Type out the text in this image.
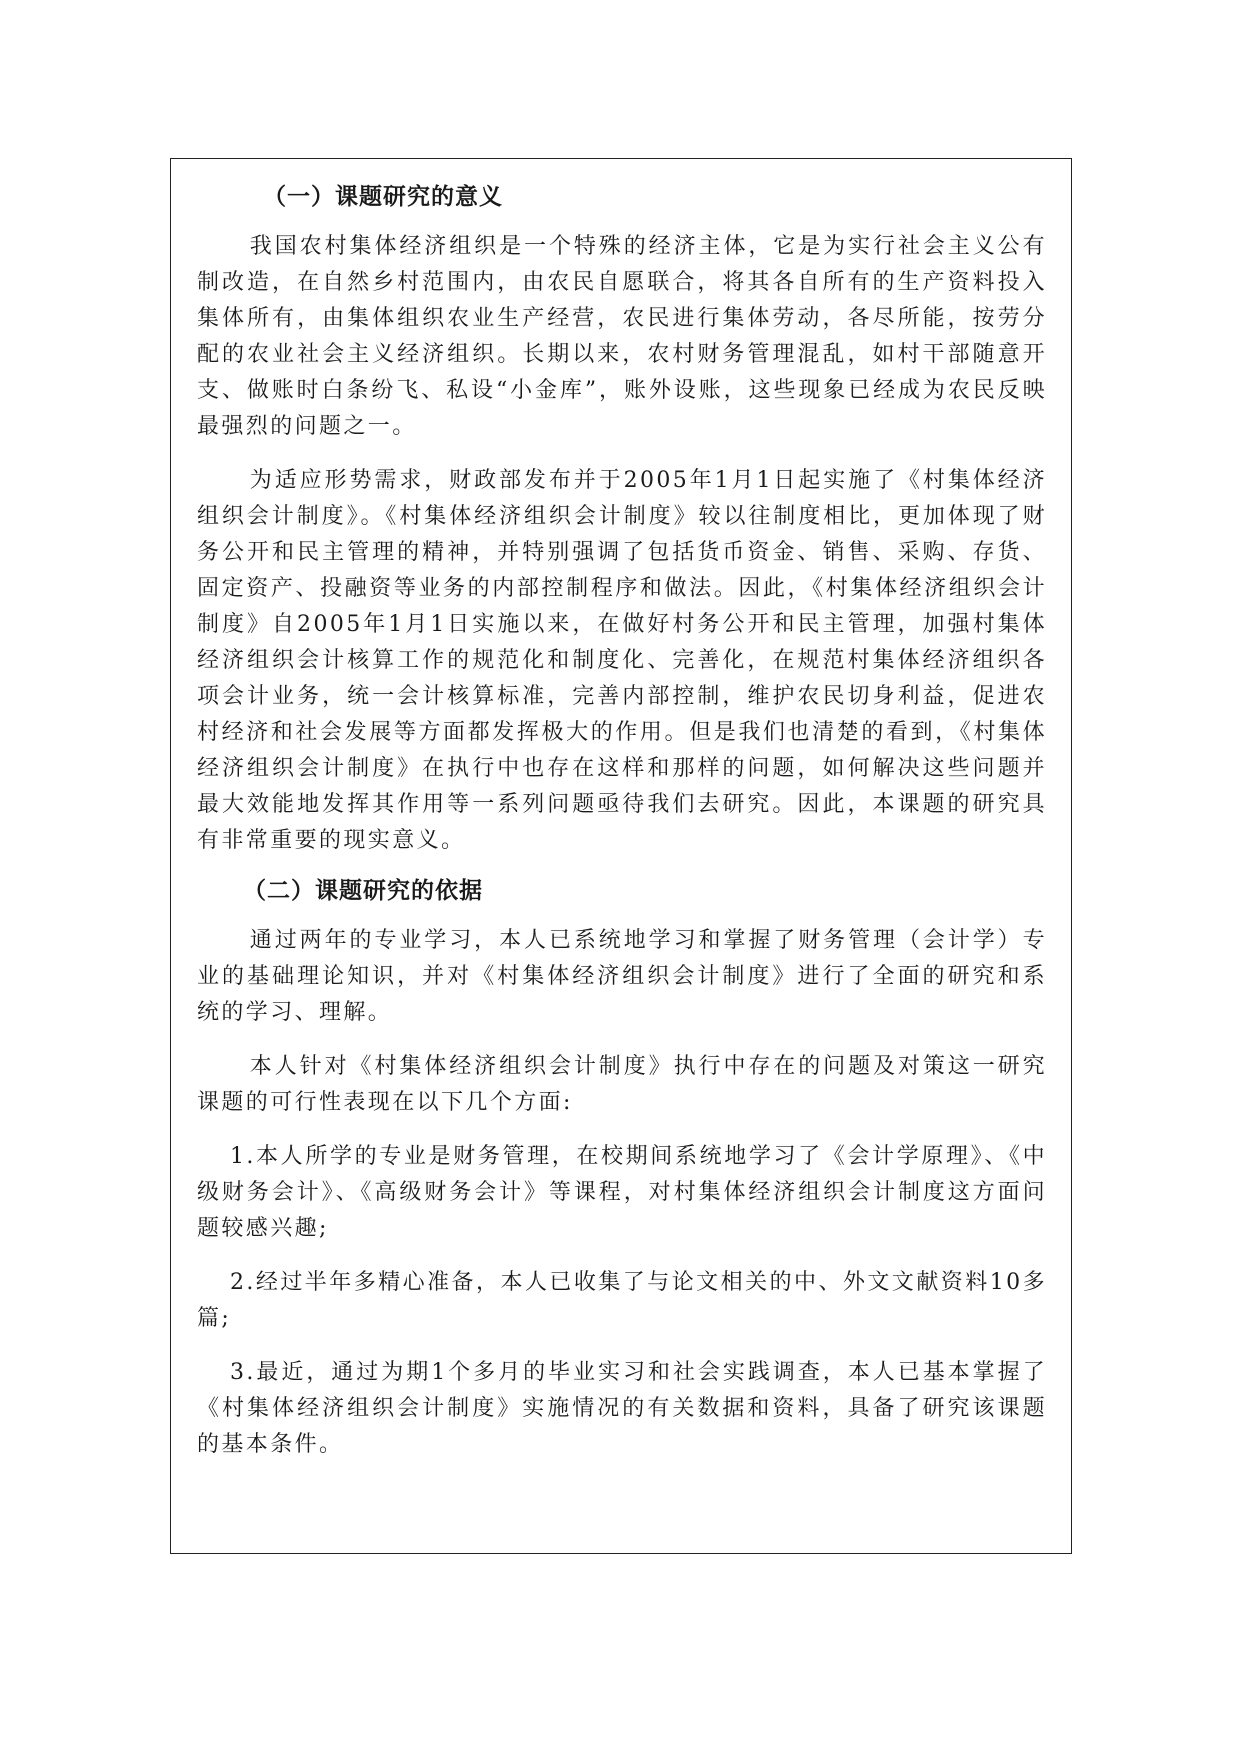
（一）课题研究的意义

我国农村集体经济组织是一个特殊的经济主体，它是为实行社会主义公有制改造，在自然乡村范围内，由农民自愿联合，将其各自所有的生产资料投入集体所有，由集体组织农业生产经营，农民进行集体劳动，各尽所能，按劳分配的农业社会主义经济组织。长期以来，农村财务管理混乱，如村干部随意开支、做账时白条纷飞、私设“小金库”，账外设账，这些现象已经成为农民反映最强烈的问题之一。

为适应形势需求，财政部发布并于2005年1月1日起实施了《村集体经济组织会计制度》。《村集体经济组织会计制度》较以往制度相比，更加体现了财务公开和民主管理的精神，并特别强调了包括货币资金、销售、采购、存货、固定资产、投融资等业务的内部控制程序和做法。因此，《村集体经济组织会计制度》自2005年1月1日实施以来，在做好村务公开和民主管理，加强村集体经济组织会计核算工作的规范化和制度化、完善化，在规范村集体经济组织各项会计业务，统一会计核算标准，完善内部控制，维护农民切身利益，促进农村经济和社会发展等方面都发挥极大的作用。但是我们也清楚的看到，《村集体经济组织会计制度》在执行中也存在这样和那样的问题，如何解决这些问题并最大效能地发挥其作用等一系列问题亟待我们去研究。因此，本课题的研究具有非常重要的现实意义。

（二）课题研究的依据

通过两年的专业学习，本人已系统地学习和掌握了财务管理（会计学）专业的基础理论知识，并对《村集体经济组织会计制度》进行了全面的研究和系统的学习、理解。

本人针对《村集体经济组织会计制度》执行中存在的问题及对策这一研究课题的可行性表现在以下几个方面:

1.本人所学的专业是财务管理，在校期间系统地学习了《会计学原理》、《中级财务会计》、《高级财务会计》等课程，对村集体经济组织会计制度这方面问题较感兴趣;

2.经过半年多精心准备，本人已收集了与论文相关的中、外文文献资料10多篇;

3.最近，通过为期1个多月的毕业实习和社会实践调查，本人已基本掌握了《村集体经济组织会计制度》实施情况的有关数据和资料，具备了研究该课题的基本条件。
